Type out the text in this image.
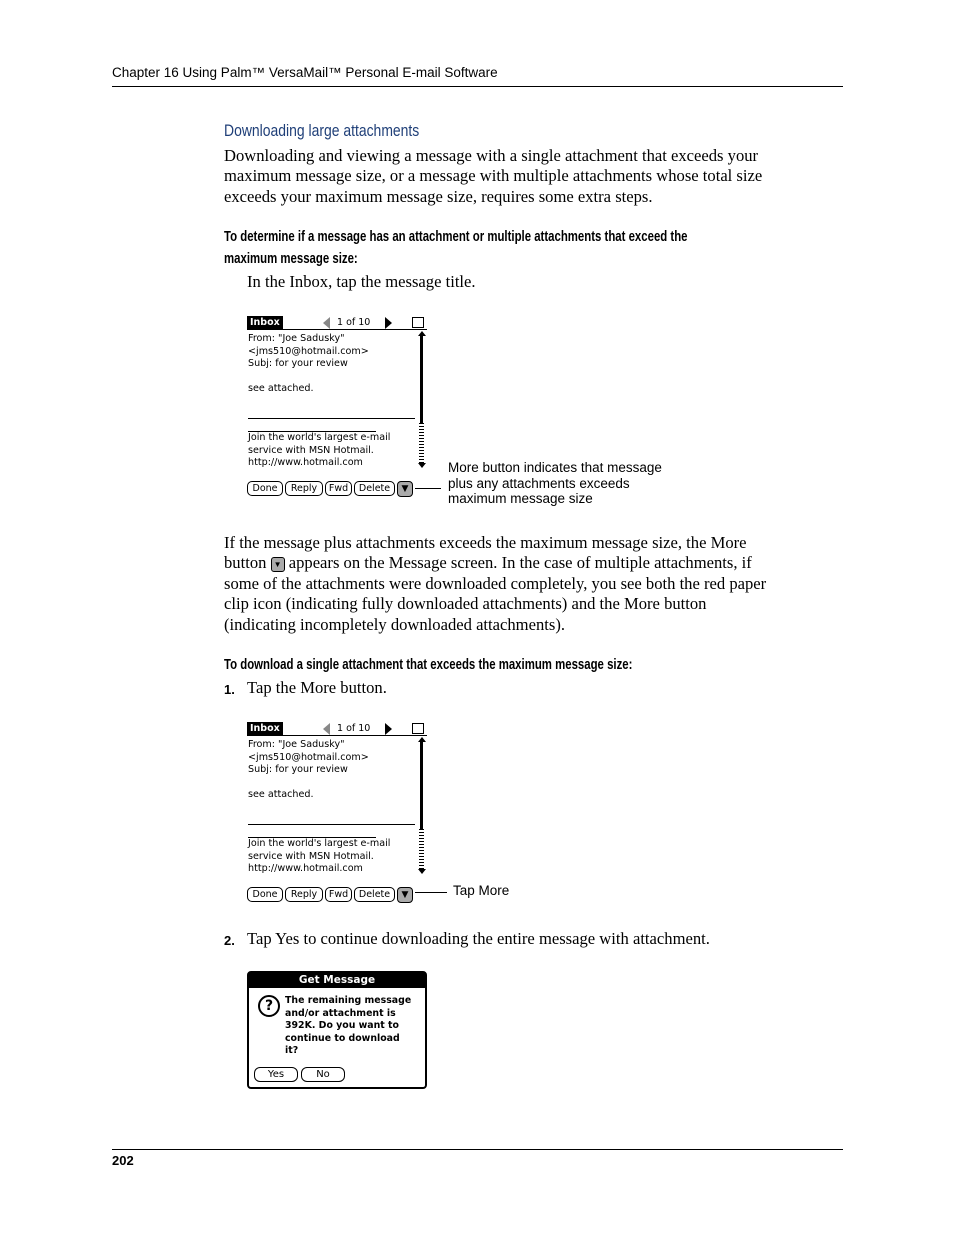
Chapter 16 Using Palm™ VersaMail™ Personal E-mail Software
Downloading large attachments
Downloading and viewing a message with a single attachment that exceeds your
maximum message size, or a message with multiple attachments whose total size
exceeds your maximum message size, requires some extra steps.
To determine if a message has an attachment or multiple attachments that exceed the
maximum message size:
In the Inbox, tap the message title.
Inbox	1 of 10
From: "Joe Sadusky"
<jms510@hotmail.com>
Subj: for your review
see attached.
Join the world's largest e-mail
service with MSN Hotmail.
http://www.hotmail.com
Done	Reply	Fwd	Delete	▼
More button indicates that message
plus any attachments exceeds
maximum message size
If the message plus attachments exceeds the maximum message size, the More
button ▼ appears on the Message screen. In the case of multiple attachments, if
some of the attachments were downloaded completely, you see both the red paper
clip icon (indicating fully downloaded attachments) and the More button
(indicating incompletely downloaded attachments).
To download a single attachment that exceeds the maximum message size:
1. Tap the More button.
Inbox	1 of 10
From: "Joe Sadusky"
<jms510@hotmail.com>
Subj: for your review
see attached.
Join the world's largest e-mail
service with MSN Hotmail.
http://www.hotmail.com
Done	Reply	Fwd	Delete	▼	Tap More
2. Tap Yes to continue downloading the entire message with attachment.
Get Message
?	The remaining message
and/or attachment is
392K. Do you want to
continue to download
it?
Yes	No
202
